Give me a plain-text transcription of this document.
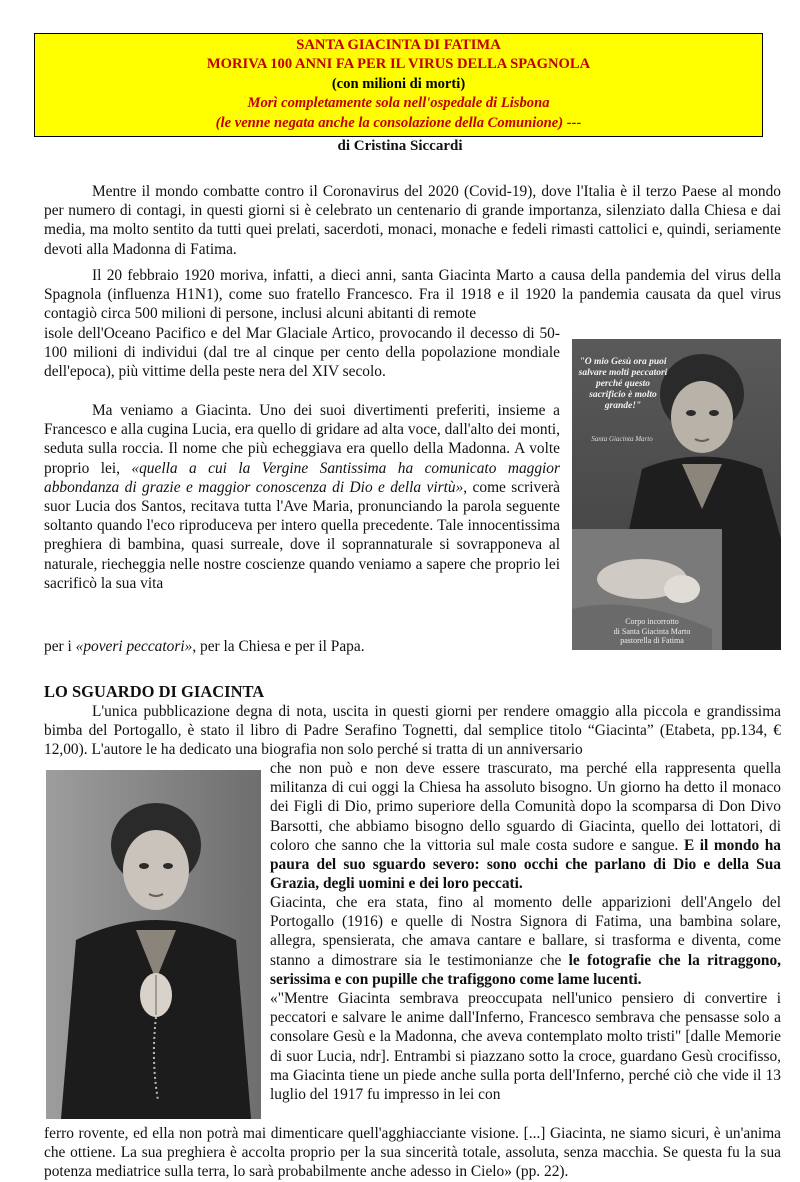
SANTA GIACINTA DI FATIMA
MORIVA 100 ANNI FA PER IL VIRUS DELLA SPAGNOLA
(con milioni di morti)
Morì completamente sola nell'ospedale di Lisbona
(le venne negata anche la consolazione della Comunione) ---
di Cristina Siccardi

Mentre il mondo combatte contro il Coronavirus del 2020 (Covid-19), dove l'Italia è il terzo Paese al mondo per numero di contagi, in questi giorni si è celebrato un centenario di grande importanza, silenziato dalla Chiesa e dai media, ma molto sentito da tutti quei prelati, sacerdoti, monaci, monache e fedeli rimasti cattolici e, quindi, seriamente devoti alla Madonna di Fatima.

Il 20 febbraio 1920 moriva, infatti, a dieci anni, santa Giacinta Marto a causa della pandemia del virus della Spagnola (influenza H1N1), come suo fratello Francesco. Fra il 1918 e il 1920 la pandemia causata da quel virus contagiò circa 500 milioni di persone, inclusi alcuni abitanti di remote

isole dell'Oceano Pacifico e del Mar Glaciale Artico, provocando il decesso di 50-100 milioni di individui (dal tre al cinque per cento della popolazione mondiale dell'epoca), più vittime della peste nera del XIV secolo.

Ma veniamo a Giacinta. Uno dei suoi divertimenti preferiti, insieme a Francesco e alla cugina Lucia, era quello di gridare ad alta voce, dall'alto dei monti, seduta sulla roccia. Il nome che più echeggiava era quello della Madonna. A volte proprio lei, «quella a cui la Vergine Santissima ha comunicato maggior abbondanza di grazie e maggior conoscenza di Dio e della virtù», come scriverà suor Lucia dos Santos, recitava tutta l'Ave Maria, pronunciando la parola seguente soltanto quando l'eco riproduceva per intero quella precedente. Tale innocentissima preghiera di bambina, quasi surreale, dove il soprannaturale si sovrapponeva al naturale, riecheggia nelle nostre coscienze quando veniamo a sapere che proprio lei sacrificò la sua vita

per i «poveri peccatori», per la Chiesa e per il Papa.

"O mio Gesù ora puoi salvare molti peccatori perché questo sacrificio è molto grande!"
Santa Giacinta Marto
Corpo incorrotto
di Santa Giacinta Marto
pastorella di Fatima
LO SGUARDO DI GIACINTA

L'unica pubblicazione degna di nota, uscita in questi giorni per rendere omaggio alla piccola e grandissima bimba del Portogallo, è stato il libro di Padre Serafino Tognetti, dal semplice titolo “Giacinta” (Etabeta, pp.134, € 12,00). L'autore le ha dedicato una biografia non solo perché si tratta di un anniversario

che non può e non deve essere trascurato, ma perché ella rappresenta quella militanza di cui oggi la Chiesa ha assoluto bisogno. Un giorno ha detto il monaco dei Figli di Dio, primo superiore della Comunità dopo la scomparsa di Don Divo Barsotti, che abbiamo bisogno dello sguardo di Giacinta, quello dei lottatori, di coloro che sanno che la vittoria sul male costa sudore e sangue. E il mondo ha paura del suo sguardo severo: sono occhi che parlano di Dio e della Sua Grazia, degli uomini e dei loro peccati.

Giacinta, che era stata, fino al momento delle apparizioni dell'Angelo del Portogallo (1916) e quelle di Nostra Signora di Fatima, una bambina solare, allegra, spensierata, che amava cantare e ballare, si trasforma e diventa, come stanno a dimostrare sia le testimonianze che le fotografie che la ritraggono, serissima e con pupille che trafiggono come lame lucenti.

«"Mentre Giacinta sembrava preoccupata nell'unico pensiero di convertire i peccatori e salvare le anime dall'Inferno, Francesco sembrava che pensasse solo a consolare Gesù e la Madonna, che aveva contemplato molto tristi" [dalle Memorie di suor Lucia, ndr]. Entrambi si piazzano sotto la croce, guardano Gesù crocifisso, ma Giacinta tiene un piede anche sulla porta dell'Inferno, perché ciò che vide il 13 luglio del 1917 fu impresso in lei con

ferro rovente, ed ella non potrà mai dimenticare quell'agghiacciante visione. [...] Giacinta, ne siamo sicuri, è un'anima che ottiene. La sua preghiera è accolta proprio per la sua sincerità totale, assoluta, senza macchia. Se questa fu la sua potenza mediatrice sulla terra, lo sarà probabilmente anche adesso in Cielo» (pp. 22).
